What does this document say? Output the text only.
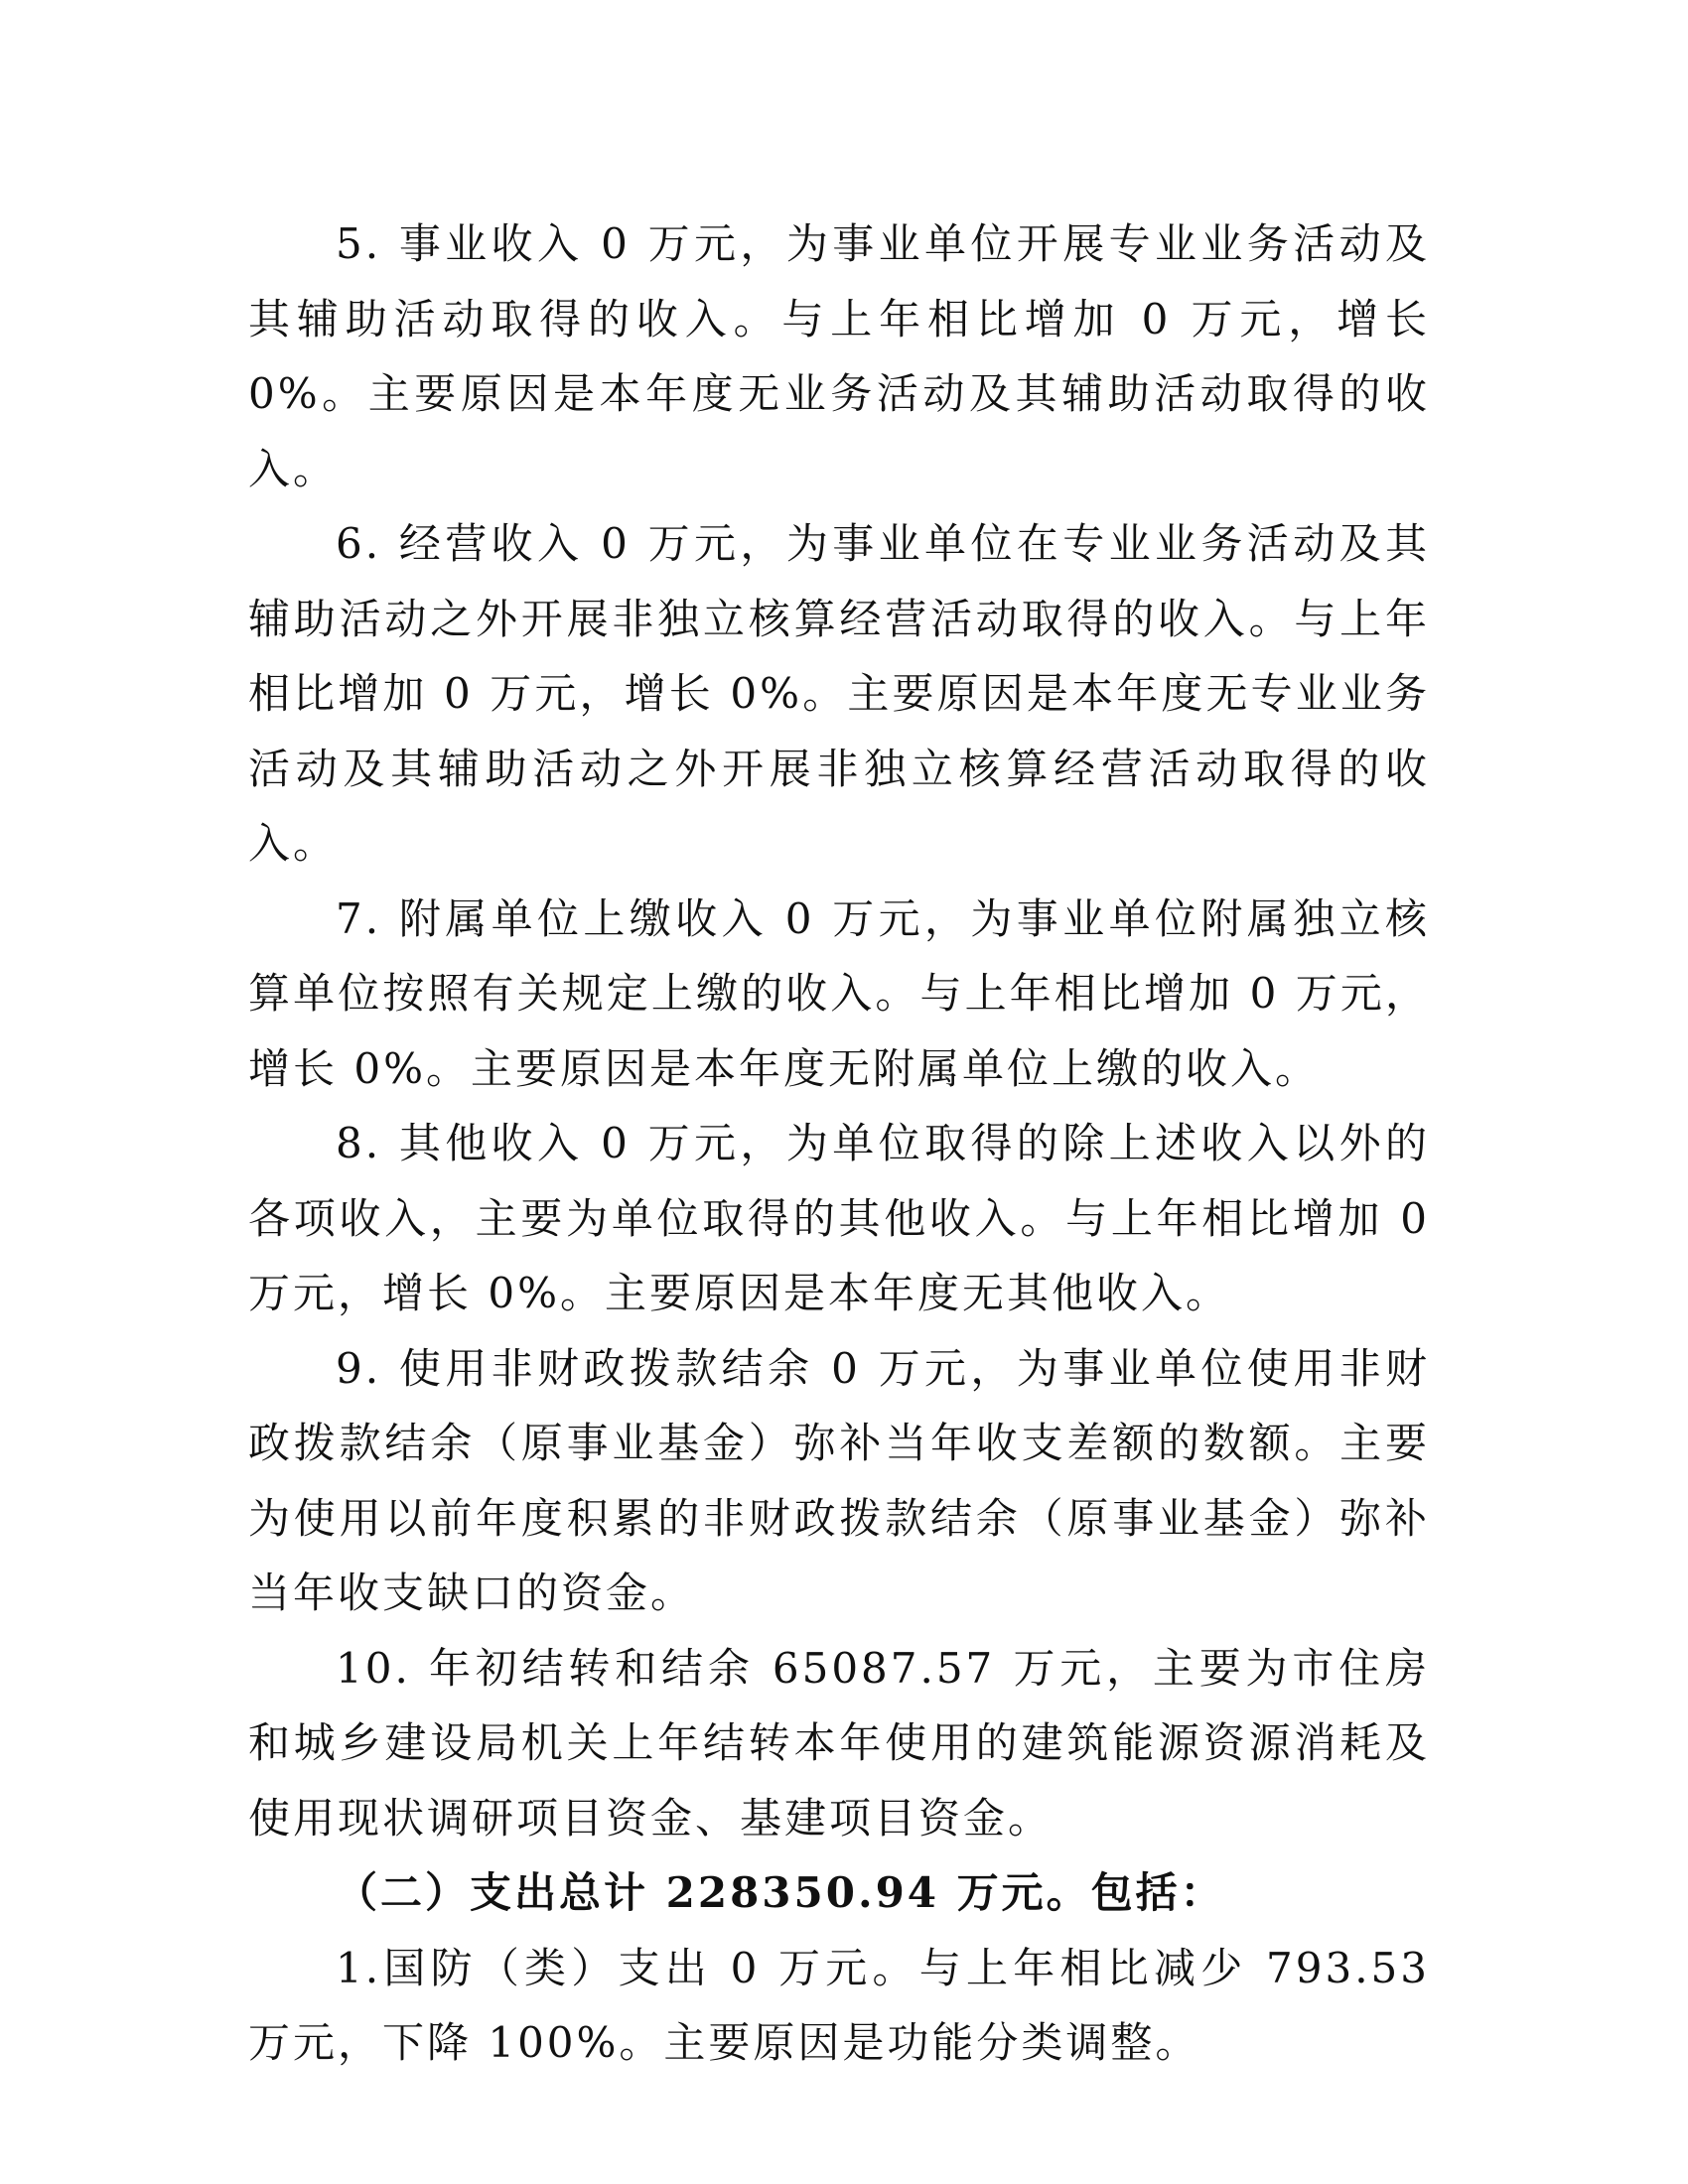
5. 事业收入 0 万元，为事业单位开展专业业务活动及其辅助活动取得的收入。与上年相比增加 0 万元，增长 0%。主要原因是本年度无业务活动及其辅助活动取得的收入。

6. 经营收入 0 万元，为事业单位在专业业务活动及其辅助活动之外开展非独立核算经营活动取得的收入。与上年相比增加 0 万元，增长 0%。主要原因是本年度无专业业务活动及其辅助活动之外开展非独立核算经营活动取得的收入。

7. 附属单位上缴收入 0 万元，为事业单位附属独立核算单位按照有关规定上缴的收入。与上年相比增加 0 万元，增长 0%。主要原因是本年度无附属单位上缴的收入。

8. 其他收入 0 万元，为单位取得的除上述收入以外的各项收入，主要为单位取得的其他收入。与上年相比增加 0 万元，增长 0%。主要原因是本年度无其他收入。

9. 使用非财政拨款结余 0 万元，为事业单位使用非财政拨款结余（原事业基金）弥补当年收支差额的数额。主要为使用以前年度积累的非财政拨款结余（原事业基金）弥补当年收支缺口的资金。

10. 年初结转和结余 65087.57 万元，主要为市住房和城乡建设局机关上年结转本年使用的建筑能源资源消耗及使用现状调研项目资金、基建项目资金。

（二）支出总计 228350.94 万元。包括：

1.国防（类）支出 0 万元。与上年相比减少 793.53 万元，下降 100%。主要原因是功能分类调整。
